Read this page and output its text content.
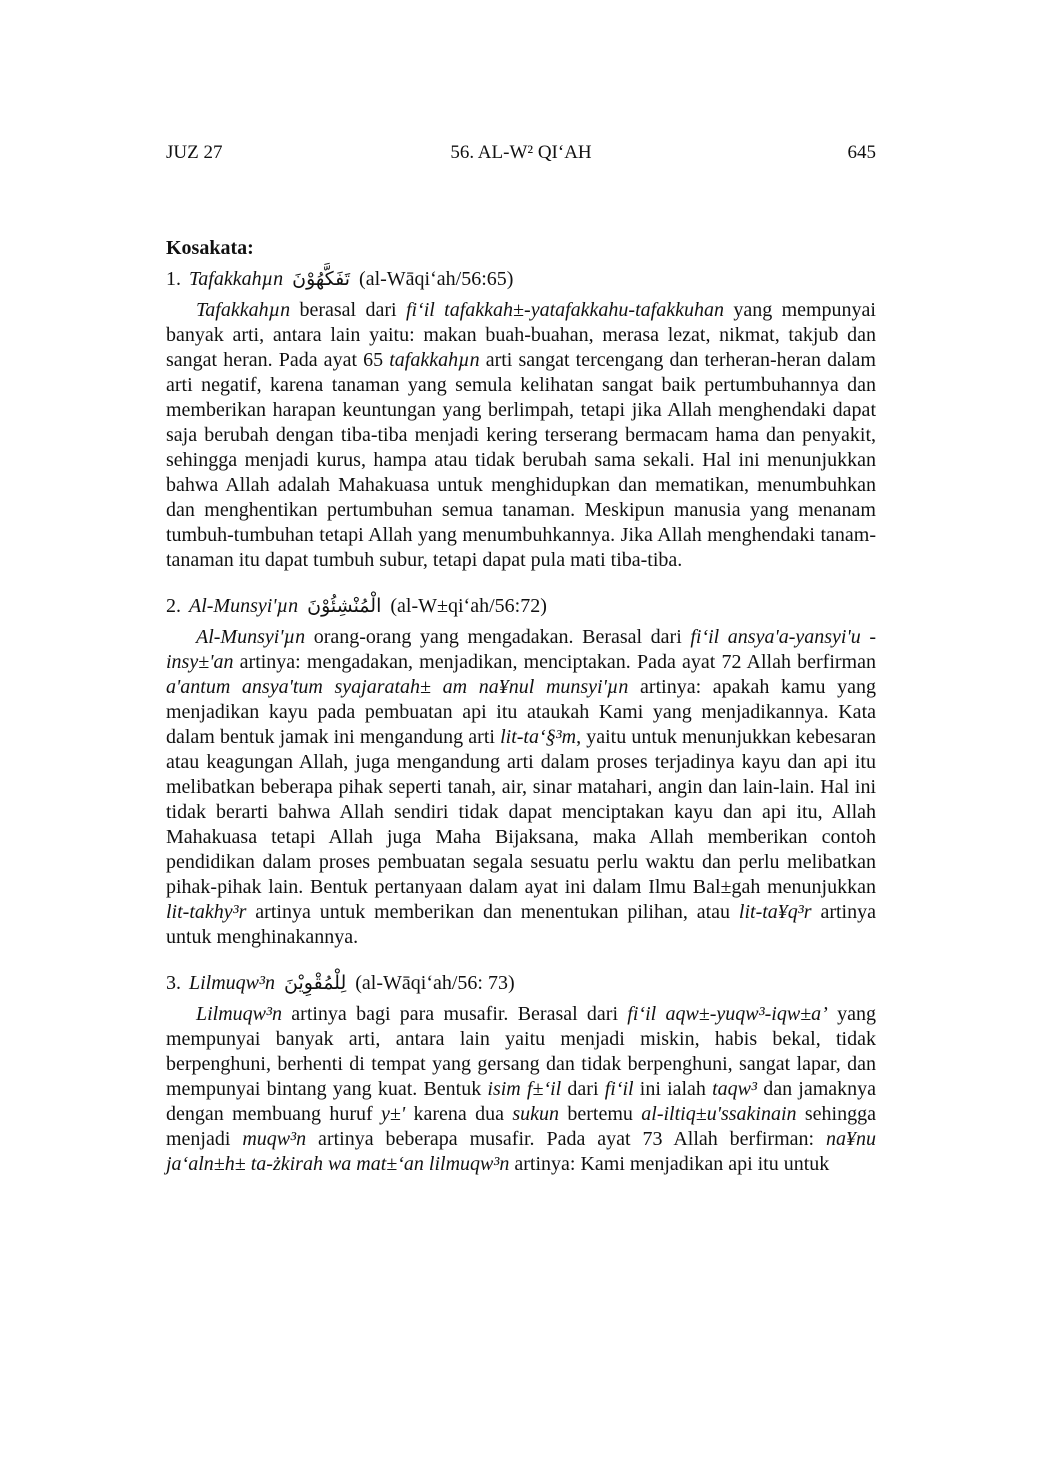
JUZ 27	56. AL-W² QI‘AH	645
Kosakata:
1. Tafakkahµn تَفَكَّهُوْنَ (al-Wāqi‘ah/56:65)

Tafakkahµn berasal dari fi‘il tafakkah±-yatafakkahu-tafakkuhan yang mempunyai banyak arti, antara lain yaitu: makan buah-buahan, merasa lezat, nikmat, takjub dan sangat heran. Pada ayat 65 tafakkahµn arti sangat tercengang dan terheran-heran dalam arti negatif, karena tanaman yang semula kelihatan sangat baik pertumbuhannya dan memberikan harapan keuntungan yang berlimpah, tetapi jika Allah menghendaki dapat saja berubah dengan tiba-tiba menjadi kering terserang bermacam hama dan penyakit, sehingga menjadi kurus, hampa atau tidak berubah sama sekali. Hal ini menunjukkan bahwa Allah adalah Mahakuasa untuk menghidupkan dan mematikan, menumbuhkan dan menghentikan pertumbuhan semua tanaman. Meskipun manusia yang menanam tumbuh-tumbuhan tetapi Allah yang menumbuhkannya. Jika Allah menghendaki tanam-tanaman itu dapat tumbuh subur, tetapi dapat pula mati tiba-tiba.

2. Al-Munsyi'µn الْمُنْشِئُوْنَ (al-W±qi‘ah/56:72)

Al-Munsyi'µn orang-orang yang mengadakan. Berasal dari fi‘il ansya'a-yansyi'u -insy±'an artinya: mengadakan, menjadikan, menciptakan. Pada ayat 72 Allah berfirman a'antum ansya'tum syajaratah± am na¥nul munsyi'µn artinya: apakah kamu yang menjadikan kayu pada pembuatan api itu ataukah Kami yang menjadikannya. Kata dalam bentuk jamak ini mengandung arti lit-ta‘§³m, yaitu untuk menunjukkan kebesaran atau keagungan Allah, juga mengandung arti dalam proses terjadinya kayu dan api itu melibatkan beberapa pihak seperti tanah, air, sinar matahari, angin dan lain-lain. Hal ini tidak berarti bahwa Allah sendiri tidak dapat menciptakan kayu dan api itu, Allah Mahakuasa tetapi Allah juga Maha Bijaksana, maka Allah memberikan contoh pendidikan dalam proses pembuatan segala sesuatu perlu waktu dan perlu melibatkan pihak-pihak lain. Bentuk pertanyaan dalam ayat ini dalam Ilmu Bal±gah menunjukkan lit-takhy³r artinya untuk memberikan dan menentukan pilihan, atau lit-ta¥q³r artinya untuk menghinakannya.

3. Lilmuqw³n لِلْمُقْوِيْنَ (al-Wāqi‘ah/56: 73)

Lilmuqw³n artinya bagi para musafir. Berasal dari fi‘il aqw±-yuqw³-iqw±a’ yang mempunyai banyak arti, antara lain yaitu menjadi miskin, habis bekal, tidak berpenghuni, berhenti di tempat yang gersang dan tidak berpenghuni, sangat lapar, dan mempunyai bintang yang kuat. Bentuk isim f±‘il dari fi‘il ini ialah taqw³ dan jamaknya dengan membuang huruf y±' karena dua sukun bertemu al-iltiq±u'ssakinain sehingga menjadi muqw³n artinya beberapa musafir. Pada ayat 73 Allah berfirman: na¥nu ja‘aln±h± ta-żkirah wa mat±‘an lilmuqw³n artinya: Kami menjadikan api itu untuk
